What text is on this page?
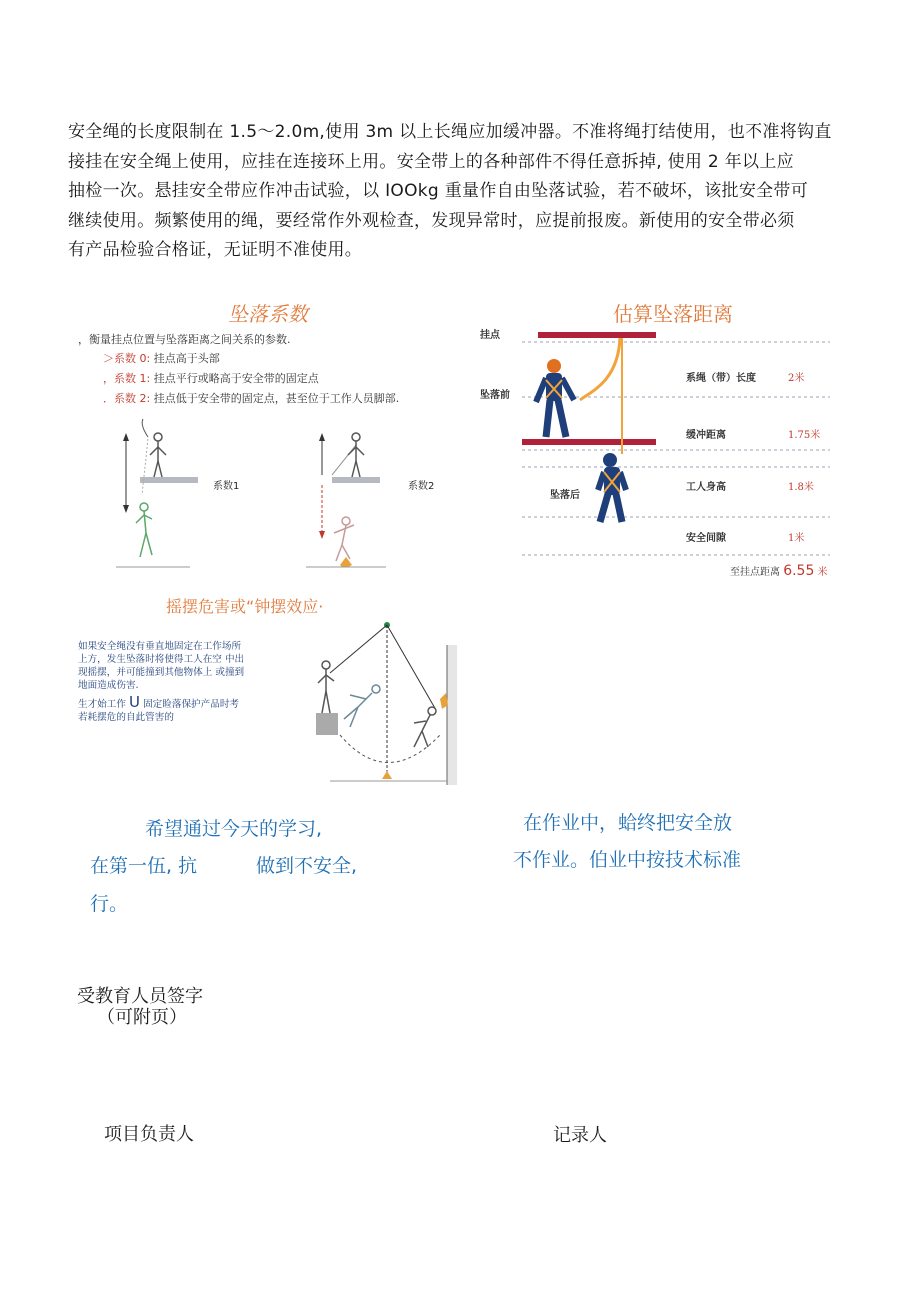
安全绳的长度限制在 1.5～2.0m,使用 3m 以上长绳应加缓冲器。不准将绳打结使用，也不准将钩直

接挂在安全绳上使用，应挂在连接环上用。安全带上的各种部件不得任意拆掉, 使用 2 年以上应

抽检一次。悬挂安全带应作冲击试验，以 IOOkg 重量作自由坠落试验，若不破坏，该批安全带可

继续使用。频繁使用的绳，要经常作外观检查，发现异常时，应提前报废。新使用的安全带必须

有产品检验合格证，无证明不准使用。

坠落系数
，衡量挂点位置与坠落距离之间关系的参数.
＞系数 0: 挂点高于头部
，系数 1: 挂点平行或略高于安全带的固定点
．系数 2: 挂点低于安全带的固定点，甚至位于工作人员脚部.
系数1	系数2
估算坠落距离
挂点
坠落前
坠落后
系绳（带）长度	2米
缓冲距离	1.75米
工人身高	1.8米
安全间隙	1米
至挂点距离 6.55 米
摇摆危害或“钟摆效应·
如果安全绳没有垂直地固定在工作场所
上方，发生坠落时将使得工人在空 中出
现摇摆，并可能撞到其他物体上 或撞到
地面造成伤害.
生才始工作 U 固定睑落保护产品时考
若耗摆危的自此管害的
希望通过今天的学习,
在第一伍, 抗	做到不安全,
行。
在作业中，蛤终把安全放
不作业。伯业中按技术标准
受教育人员签字
（可附页）
项目负责人	记录人
